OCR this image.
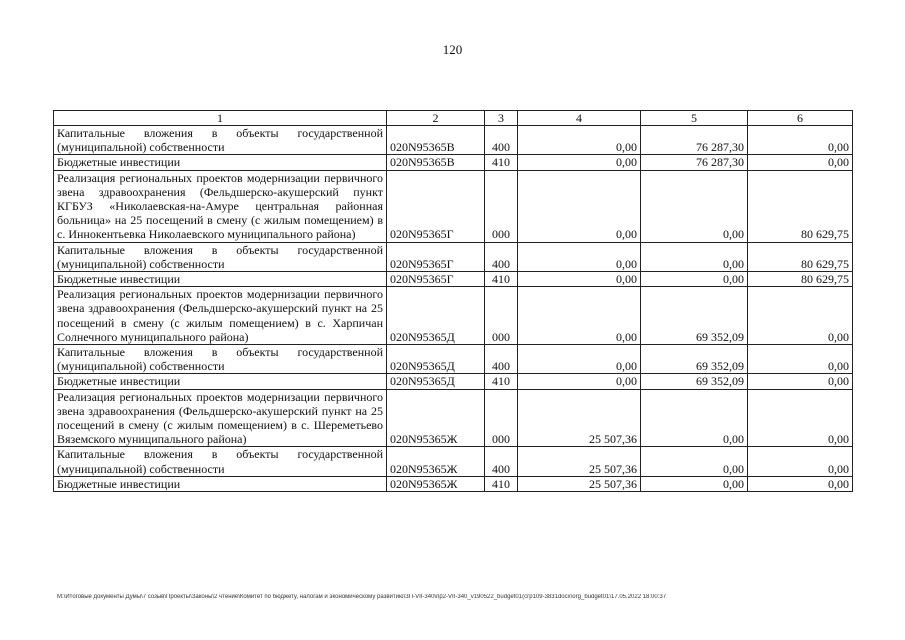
120
1	2	3	4	5	6
Капитальные вложения в объекты государственной (муниципальной) собственности	020N95365В	400	0,00	76 287,30	0,00
Бюджетные инвестиции	020N95365В	410	0,00	76 287,30	0,00
Реализация региональных проектов модернизации первичного звена здравоохранения (Фельдшерско-акушерский пункт КГБУЗ «Николаевская-на-Амуре центральная районная больница» на 25 посещений в смену (с жилым помещением) в с. Иннокентьевка Николаевского муниципального района)	020N95365Г	000	0,00	0,00	80 629,75
Капитальные вложения в объекты государственной (муниципальной) собственности	020N95365Г	400	0,00	0,00	80 629,75
Бюджетные инвестиции	020N95365Г	410	0,00	0,00	80 629,75
Реализация региональных проектов модернизации первичного звена здравоохранения (Фельдшерско-акушерский пункт на 25 посещений в смену (с жилым помещением) в с. Харпичан Солнечного муниципального района)	020N95365Д	000	0,00	69 352,09	0,00
Капитальные вложения в объекты государственной (муниципальной) собственности	020N95365Д	400	0,00	69 352,09	0,00
Бюджетные инвестиции	020N95365Д	410	0,00	69 352,09	0,00
Реализация региональных проектов модернизации первичного звена здравоохранения (Фельдшерско-акушерский пункт на 25 посещений в смену (с жилым помещением) в с. Шереметьево Вяземского муниципального района)	020N95365Ж	000	25 507,36	0,00	0,00
Капитальные вложения в объекты государственной (муниципальной) собственности	020N95365Ж	400	25 507,36	0,00	0,00
Бюджетные инвестиции	020N95365Ж	410	25 507,36	0,00	0,00
M:\Итоговые документы Думы\7 созыв\Проекты\Законы\2 чтение\Комитет по бюджету, налогам и экономическому развитию\ЗП-VII-340\пр2-VII-340_v190522_budget01(сгр109-3831docx\org_budget01\17.05.2022 18:00:37
